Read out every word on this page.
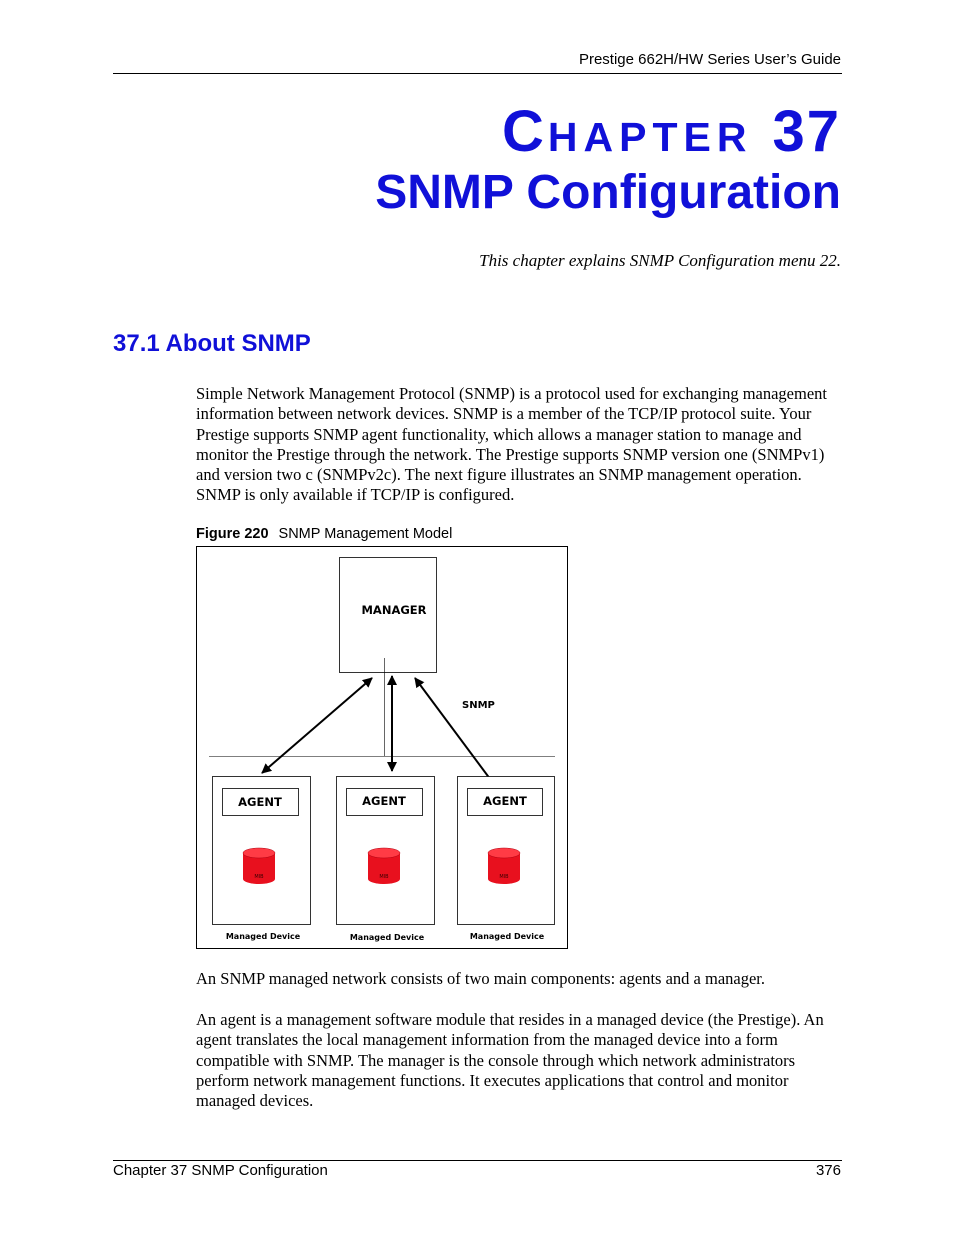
Prestige 662H/HW Series User’s Guide
CHAPTER 37
SNMP Configuration
This chapter explains SNMP Configuration menu 22.
37.1 About SNMP

Simple Network Management Protocol (SNMP) is a protocol used for exchanging management information between network devices. SNMP is a member of the TCP/IP protocol suite. Your Prestige supports SNMP agent functionality, which allows a manager station to manage and monitor the Prestige through the network. The Prestige supports SNMP version one (SNMPv1) and version two c (SNMPv2c). The next figure illustrates an SNMP management operation. SNMP is only available if TCP/IP is configured.

Figure 220 SNMP Management Model
MANAGER
SNMP
AGENT
MIB
Managed Device
AGENT
MIB
Managed Device
AGENT
MIB
Managed Device

An SNMP managed network consists of two main components: agents and a manager.

An agent is a management software module that resides in a managed device (the Prestige). An agent translates the local management information from the managed device into a form compatible with SNMP. The manager is the console through which network administrators perform network management functions. It executes applications that control and monitor managed devices.

Chapter 37 SNMP Configuration	376
